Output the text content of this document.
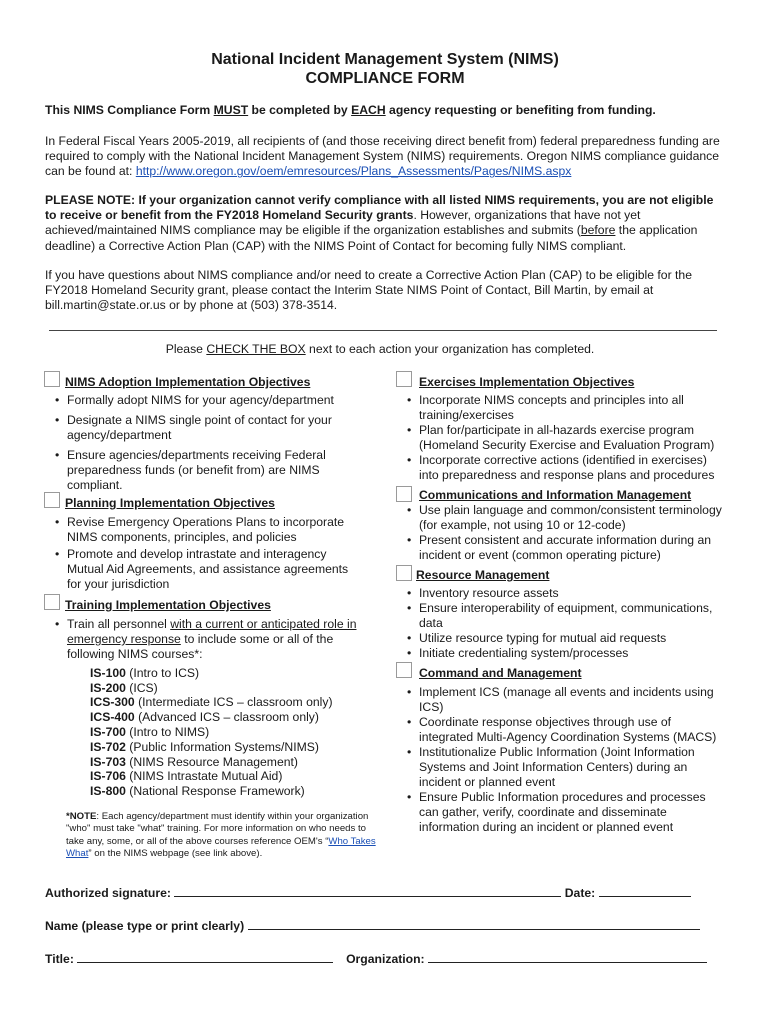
National Incident Management System (NIMS)
COMPLIANCE FORM

This NIMS Compliance Form MUST be completed by EACH agency requesting or benefiting from funding.

In Federal Fiscal Years 2005-2019, all recipients of (and those receiving direct benefit from) federal preparedness funding are required to comply with the National Incident Management System (NIMS) requirements. Oregon NIMS compliance guidance can be found at: http://www.oregon.gov/oem/emresources/Plans_Assessments/Pages/NIMS.aspx

PLEASE NOTE: If your organization cannot verify compliance with all listed NIMS requirements, you are not eligible to receive or benefit from the FY2018 Homeland Security grants. However, organizations that have not yet achieved/maintained NIMS compliance may be eligible if the organization establishes and submits (before the application deadline) a Corrective Action Plan (CAP) with the NIMS Point of Contact for becoming fully NIMS compliant.

If you have questions about NIMS compliance and/or need to create a Corrective Action Plan (CAP) to be eligible for the FY2018 Homeland Security grant, please contact the Interim State NIMS Point of Contact, Bill Martin, by email at bill.martin@state.or.us or by phone at (503) 378-3514.

Please CHECK THE BOX next to each action your organization has completed.
NIMS Adoption Implementation Objectives
• Formally adopt NIMS for your agency/department
• Designate a NIMS single point of contact for your agency/department
• Ensure agencies/departments receiving Federal preparedness funds (or benefit from) are NIMS compliant.
Planning Implementation Objectives
• Revise Emergency Operations Plans to incorporate NIMS components, principles, and policies
• Promote and develop intrastate and interagency Mutual Aid Agreements, and assistance agreements for your jurisdiction
Training Implementation Objectives
• Train all personnel with a current or anticipated role in emergency response to include some or all of the following NIMS courses*:
IS-100 (Intro to ICS)
IS-200 (ICS)
ICS-300 (Intermediate ICS – classroom only)
ICS-400 (Advanced ICS – classroom only)
IS-700 (Intro to NIMS)
IS-702 (Public Information Systems/NIMS)
IS-703 (NIMS Resource Management)
IS-706 (NIMS Intrastate Mutual Aid)
IS-800 (National Response Framework)

*NOTE: Each agency/department must identify within your organization "who" must take "what" training. For more information on who needs to take any, some, or all of the above courses reference OEM's “Who Takes What” on the NIMS webpage (see link above).

Exercises Implementation Objectives
• Incorporate NIMS concepts and principles into all training/exercises
• Plan for/participate in all-hazards exercise program (Homeland Security Exercise and Evaluation Program)
• Incorporate corrective actions (identified in exercises) into preparedness and response plans and procedures
Communications and Information Management
• Use plain language and common/consistent terminology (for example, not using 10 or 12-code)
• Present consistent and accurate information during an incident or event (common operating picture)
Resource Management
• Inventory resource assets
• Ensure interoperability of equipment, communications, data
• Utilize resource typing for mutual aid requests
• Initiate credentialing system/processes
Command and Management
• Implement ICS (manage all events and incidents using ICS)
• Coordinate response objectives through use of integrated Multi-Agency Coordination Systems (MACS)
• Institutionalize Public Information (Joint Information Systems and Joint Information Centers) during an incident or planned event
• Ensure Public Information procedures and processes can gather, verify, coordinate and disseminate information during an incident or planned event
Authorized signature:	Date:
Name (please type or print clearly)
Title:	Organization:
